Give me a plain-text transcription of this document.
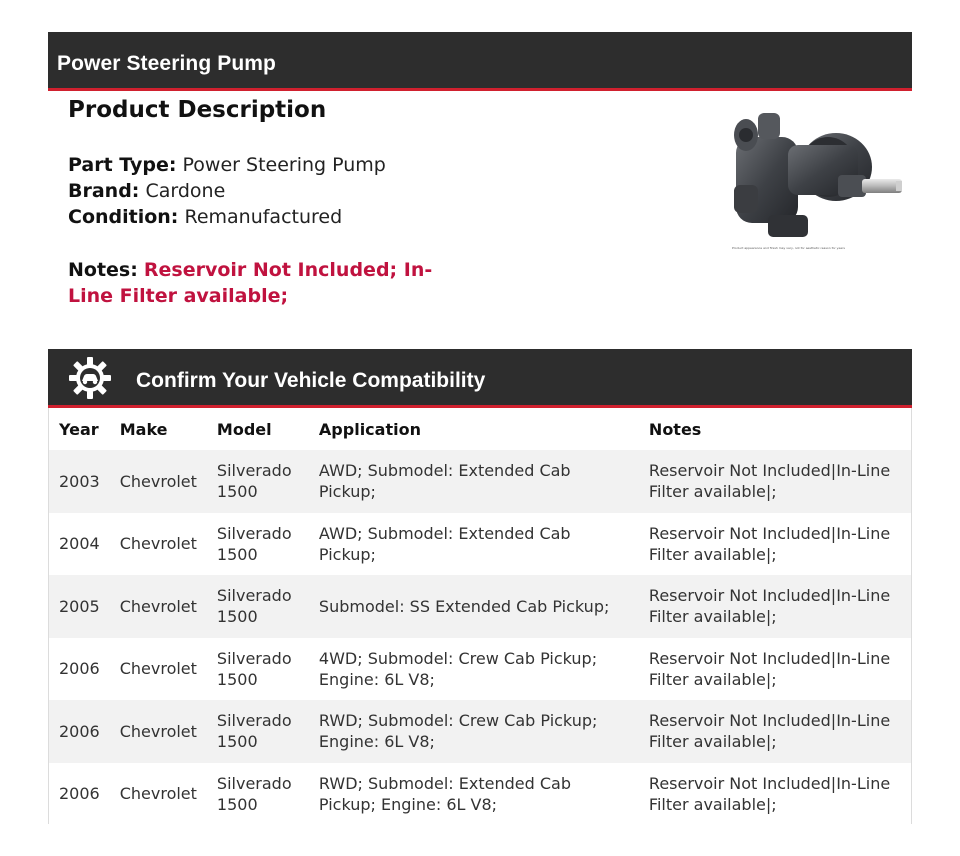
Power Steering Pump
Product Description
Part Type: Power Steering Pump
Brand: Cardone
Condition: Remanufactured
Notes: Reservoir Not Included; In-Line Filter available;
Product appearance and finish may vary, not for aesthetic reason for years
Confirm Your Vehicle Compatibility
Year	Make	Model	Application	Notes
2003	Chevrolet	Silverado 1500	AWD; Submodel: Extended Cab Pickup;	Reservoir Not Included|In-Line Filter available|;
2004	Chevrolet	Silverado 1500	AWD; Submodel: Extended Cab Pickup;	Reservoir Not Included|In-Line Filter available|;
2005	Chevrolet	Silverado 1500	Submodel: SS Extended Cab Pickup;	Reservoir Not Included|In-Line Filter available|;
2006	Chevrolet	Silverado 1500	4WD; Submodel: Crew Cab Pickup; Engine: 6L V8;	Reservoir Not Included|In-Line Filter available|;
2006	Chevrolet	Silverado 1500	RWD; Submodel: Crew Cab Pickup; Engine: 6L V8;	Reservoir Not Included|In-Line Filter available|;
2006	Chevrolet	Silverado 1500	RWD; Submodel: Extended Cab Pickup; Engine: 6L V8;	Reservoir Not Included|In-Line Filter available|;
